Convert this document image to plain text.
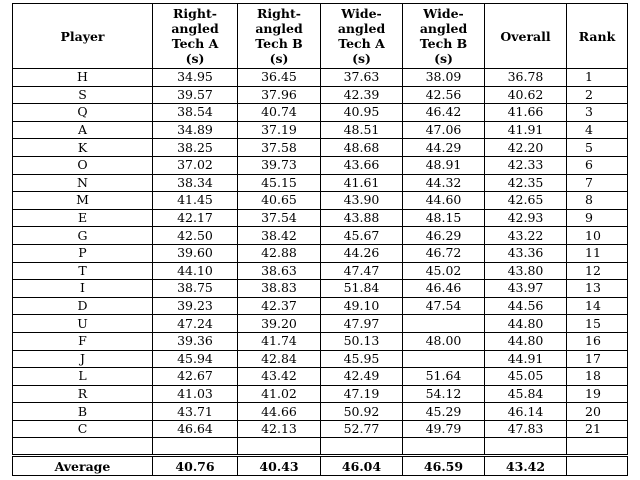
Player	Right-
angled
Tech A
(s)	Right-
angled
Tech B
(s)	Wide-
angled
Tech A
(s)	Wide-
angled
Tech B
(s)	Overall	Rank
H	34.95	36.45	37.63	38.09	36.78	1
S	39.57	37.96	42.39	42.56	40.62	2
Q	38.54	40.74	40.95	46.42	41.66	3
A	34.89	37.19	48.51	47.06	41.91	4
K	38.25	37.58	48.68	44.29	42.20	5
O	37.02	39.73	43.66	48.91	42.33	6
N	38.34	45.15	41.61	44.32	42.35	7
M	41.45	40.65	43.90	44.60	42.65	8
E	42.17	37.54	43.88	48.15	42.93	9
G	42.50	38.42	45.67	46.29	43.22	10
P	39.60	42.88	44.26	46.72	43.36	11
T	44.10	38.63	47.47	45.02	43.80	12
I	38.75	38.83	51.84	46.46	43.97	13
D	39.23	42.37	49.10	47.54	44.56	14
U	47.24	39.20	47.97		44.80	15
F	39.36	41.74	50.13	48.00	44.80	16
J	45.94	42.84	45.95		44.91	17
L	42.67	43.42	42.49	51.64	45.05	18
R	41.03	41.02	47.19	54.12	45.84	19
B	43.71	44.66	50.92	45.29	46.14	20
C	46.64	42.13	52.77	49.79	47.83	21

Average	40.76	40.43	46.04	46.59	43.42	
